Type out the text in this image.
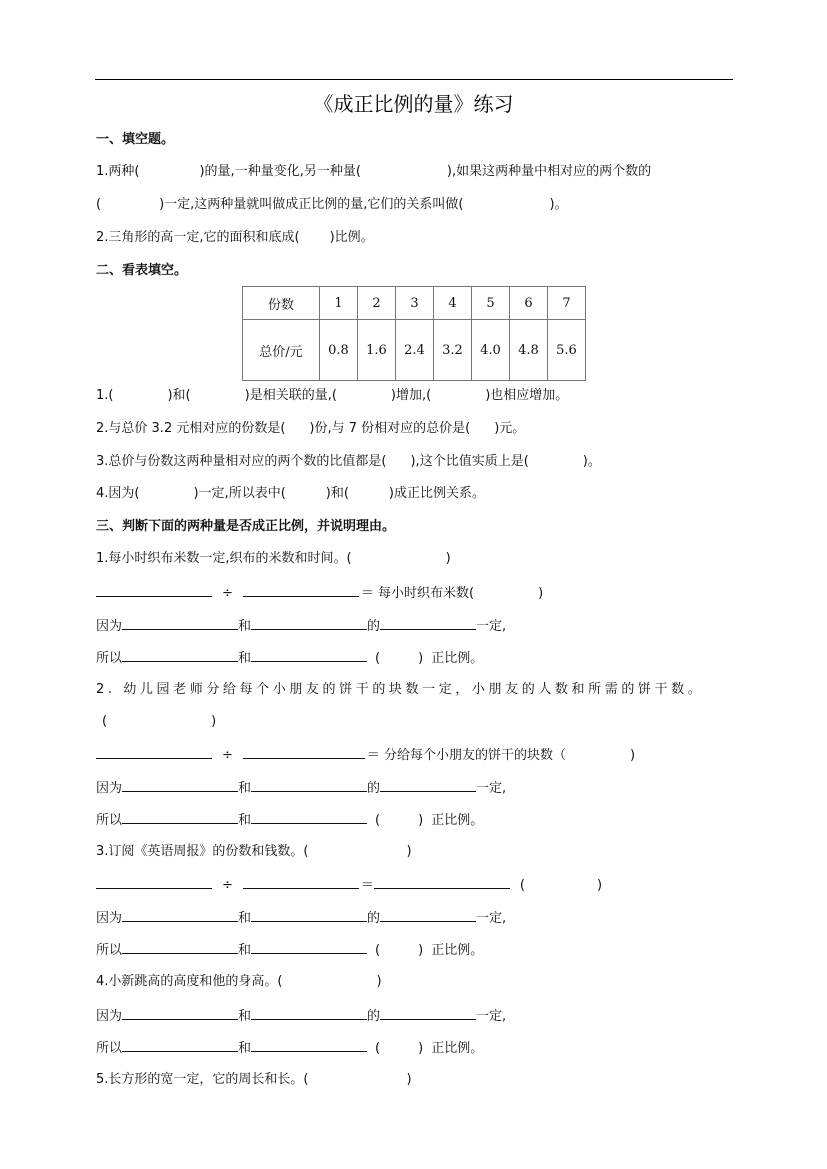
《成正比例的量》练习
一、填空题。
1.两种(	)的量,一种量变化,另一种量(	),如果这两种量中相对应的两个数的
(	)一定,这两种量就叫做成正比例的量,它们的关系叫做(	)。
2.三角形的高一定,它的面积和底成( )比例。
二、看表填空。
份数	1	2	3	4	5	6	7
总价/元	0.8	1.6	2.4	3.2	4.0	4.8	5.6
1.(	)和(	)是相关联的量,(	)增加,(	)也相应增加。
2.与总价 3.2 元相对应的份数是( )份,与 7 份相对应的总价是( )元。
3.总价与份数这两种量相对应的两个数的比值都是( ),这个比值实质上是(	)。
4.因为(	)一定,所以表中(	)和(	)成正比例关系。
三、判断下面的两种量是否成正比例，并说明理由。
1.每小时织布米数一定,织布的米数和时间。(	)
÷	＝ 每小时织布米数(	)
因为	和	的	一定,
所以	和	(	) 正比例。
2. 幼儿园老师分给每个小朋友的饼干的块数一定，小朋友的人数和所需的饼干数。
(	)
÷	＝ 分给每个小朋友的饼干的块数（	)
因为	和	的	一定,
所以	和	(	) 正比例。
3.订阅《英语周报》的份数和钱数。(	)
÷	＝	(	)
因为	和	的	一定,
所以	和	(	) 正比例。
4.小新跳高的高度和他的身高。(	)
因为	和	的	一定,
所以	和	(	) 正比例。
5.长方形的宽一定，它的周长和长。(	)
